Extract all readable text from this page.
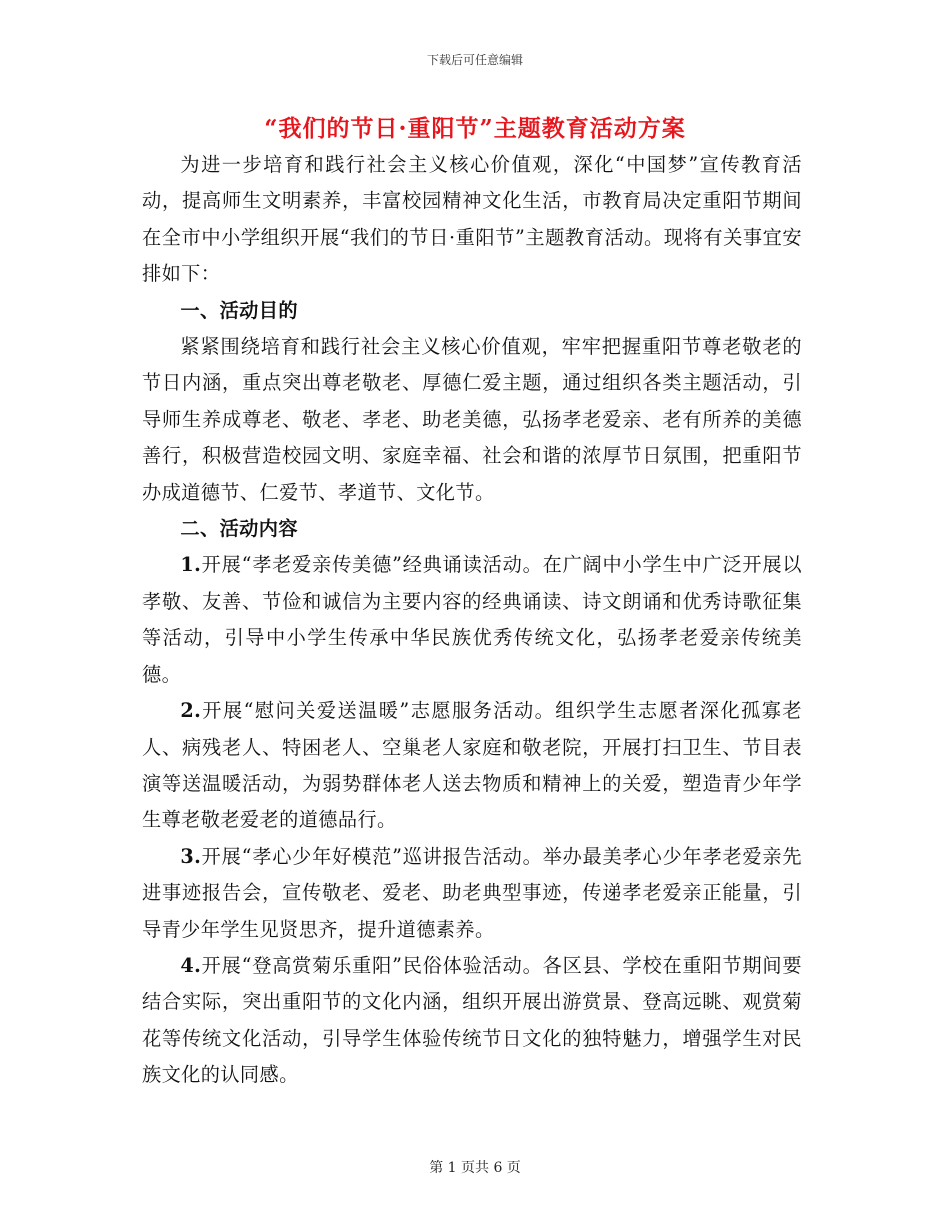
下载后可任意编辑
“我们的节日·重阳节”主题教育活动方案

为进一步培育和践行社会主义核心价值观，深化“中国梦”宣传教育活动，提高师生文明素养，丰富校园精神文化生活，市教育局决定重阳节期间在全市中小学组织开展“我们的节日·重阳节”主题教育活动。现将有关事宜安排如下：

一、活动目的

紧紧围绕培育和践行社会主义核心价值观，牢牢把握重阳节尊老敬老的节日内涵，重点突出尊老敬老、厚德仁爱主题，通过组织各类主题活动，引导师生养成尊老、敬老、孝老、助老美德，弘扬孝老爱亲、老有所养的美德善行，积极营造校园文明、家庭幸福、社会和谐的浓厚节日氛围，把重阳节办成道德节、仁爱节、孝道节、文化节。

二、活动内容

1.开展“孝老爱亲传美德”经典诵读活动。在广阔中小学生中广泛开展以孝敬、友善、节俭和诚信为主要内容的经典诵读、诗文朗诵和优秀诗歌征集等活动，引导中小学生传承中华民族优秀传统文化，弘扬孝老爱亲传统美德。

2.开展“慰问关爱送温暖”志愿服务活动。组织学生志愿者深化孤寡老人、病残老人、特困老人、空巢老人家庭和敬老院，开展打扫卫生、节目表演等送温暖活动，为弱势群体老人送去物质和精神上的关爱，塑造青少年学生尊老敬老爱老的道德品行。

3.开展“孝心少年好模范”巡讲报告活动。举办最美孝心少年孝老爱亲先进事迹报告会，宣传敬老、爱老、助老典型事迹，传递孝老爱亲正能量，引导青少年学生见贤思齐，提升道德素养。

4.开展“登高赏菊乐重阳”民俗体验活动。各区县、学校在重阳节期间要结合实际，突出重阳节的文化内涵，组织开展出游赏景、登高远眺、观赏菊花等传统文化活动，引导学生体验传统节日文化的独特魅力，增强学生对民族文化的认同感。

第 1 页共 6 页
